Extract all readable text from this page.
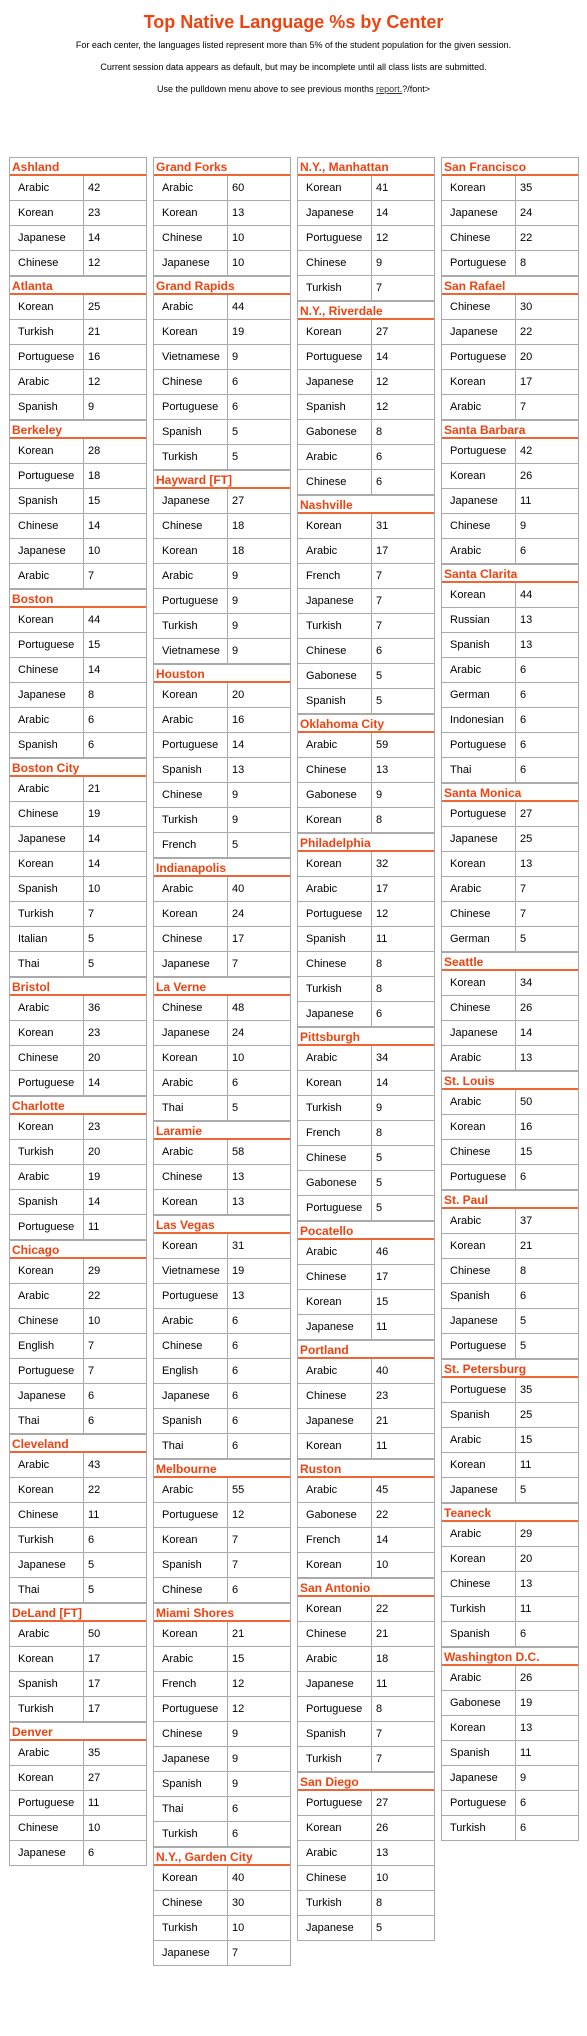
Top Native Language %s by Center

For each center, the languages listed represent more than 5% of the student population for the given session.

Current session data appears as default, but may be incomplete until all class lists are submitted.

Use the pulldown menu above to see previous months report.?/font>

Ashland
Arabic	42
Korean	23
Japanese	14
Chinese	12
Atlanta
Korean	25
Turkish	21
Portuguese	16
Arabic	12
Spanish	9
Berkeley
Korean	28
Portuguese	18
Spanish	15
Chinese	14
Japanese	10
Arabic	7
Boston
Korean	44
Portuguese	15
Chinese	14
Japanese	8
Arabic	6
Spanish	6
Boston City
Arabic	21
Chinese	19
Japanese	14
Korean	14
Spanish	10
Turkish	7
Italian	5
Thai	5
Bristol
Arabic	36
Korean	23
Chinese	20
Portuguese	14
Charlotte
Korean	23
Turkish	20
Arabic	19
Spanish	14
Portuguese	11
Chicago
Korean	29
Arabic	22
Chinese	10
English	7
Portuguese	7
Japanese	6
Thai	6
Cleveland
Arabic	43
Korean	22
Chinese	11
Turkish	6
Japanese	5
Thai	5
DeLand [FT]
Arabic	50
Korean	17
Spanish	17
Turkish	17
Denver
Arabic	35
Korean	27
Portuguese	11
Chinese	10
Japanese	6
Grand Forks
Arabic	60
Korean	13
Chinese	10
Japanese	10
Grand Rapids
Arabic	44
Korean	19
Vietnamese	9
Chinese	6
Portuguese	6
Spanish	5
Turkish	5
Hayward [FT]
Japanese	27
Chinese	18
Korean	18
Arabic	9
Portuguese	9
Turkish	9
Vietnamese	9
Houston
Korean	20
Arabic	16
Portuguese	14
Spanish	13
Chinese	9
Turkish	9
French	5
Indianapolis
Arabic	40
Korean	24
Chinese	17
Japanese	7
La Verne
Chinese	48
Japanese	24
Korean	10
Arabic	6
Thai	5
Laramie
Arabic	58
Chinese	13
Korean	13
Las Vegas
Korean	31
Vietnamese	19
Portuguese	13
Arabic	6
Chinese	6
English	6
Japanese	6
Spanish	6
Thai	6
Melbourne
Arabic	55
Portuguese	12
Korean	7
Spanish	7
Chinese	6
Miami Shores
Korean	21
Arabic	15
French	12
Portuguese	12
Chinese	9
Japanese	9
Spanish	9
Thai	6
Turkish	6
N.Y., Garden City
Korean	40
Chinese	30
Turkish	10
Japanese	7
N.Y., Manhattan
Korean	41
Japanese	14
Portuguese	12
Chinese	9
Turkish	7
N.Y., Riverdale
Korean	27
Portuguese	14
Japanese	12
Spanish	12
Gabonese	8
Arabic	6
Chinese	6
Nashville
Korean	31
Arabic	17
French	7
Japanese	7
Turkish	7
Chinese	6
Gabonese	5
Spanish	5
Oklahoma City
Arabic	59
Chinese	13
Gabonese	9
Korean	8
Philadelphia
Korean	32
Arabic	17
Portuguese	12
Spanish	11
Chinese	8
Turkish	8
Japanese	6
Pittsburgh
Arabic	34
Korean	14
Turkish	9
French	8
Chinese	5
Gabonese	5
Portuguese	5
Pocatello
Arabic	46
Chinese	17
Korean	15
Japanese	11
Portland
Arabic	40
Chinese	23
Japanese	21
Korean	11
Ruston
Arabic	45
Gabonese	22
French	14
Korean	10
San Antonio
Korean	22
Chinese	21
Arabic	18
Japanese	11
Portuguese	8
Spanish	7
Turkish	7
San Diego
Portuguese	27
Korean	26
Arabic	13
Chinese	10
Turkish	8
Japanese	5
San Francisco
Korean	35
Japanese	24
Chinese	22
Portuguese	8
San Rafael
Chinese	30
Japanese	22
Portuguese	20
Korean	17
Arabic	7
Santa Barbara
Portuguese	42
Korean	26
Japanese	11
Chinese	9
Arabic	6
Santa Clarita
Korean	44
Russian	13
Spanish	13
Arabic	6
German	6
Indonesian	6
Portuguese	6
Thai	6
Santa Monica
Portuguese	27
Japanese	25
Korean	13
Arabic	7
Chinese	7
German	5
Seattle
Korean	34
Chinese	26
Japanese	14
Arabic	13
St. Louis
Arabic	50
Korean	16
Chinese	15
Portuguese	6
St. Paul
Arabic	37
Korean	21
Chinese	8
Spanish	6
Japanese	5
Portuguese	5
St. Petersburg
Portuguese	35
Spanish	25
Arabic	15
Korean	11
Japanese	5
Teaneck
Arabic	29
Korean	20
Chinese	13
Turkish	11
Spanish	6
Washington D.C.
Arabic	26
Gabonese	19
Korean	13
Spanish	11
Japanese	9
Portuguese	6
Turkish	6
